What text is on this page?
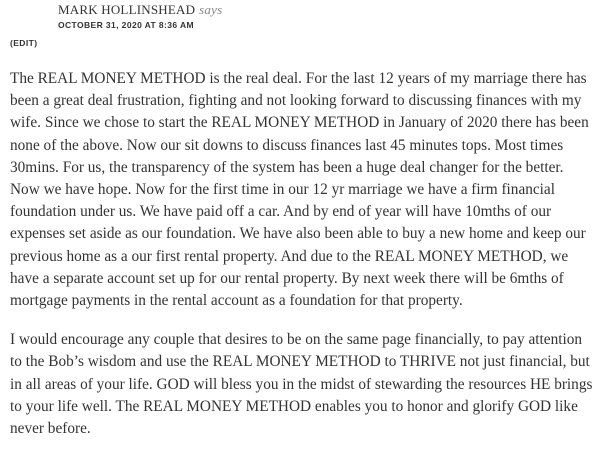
MARK HOLLINSHEAD says
OCTOBER 31, 2020 AT 8:36 AM
(EDIT)

The REAL MONEY METHOD is the real deal. For the last 12 years of my marriage there has been a great deal frustration, fighting and not looking forward to discussing finances with my wife. Since we chose to start the REAL MONEY METHOD in January of 2020 there has been none of the above. Now our sit downs to discuss finances last 45 minutes tops. Most times 30mins. For us, the transparency of the system has been a huge deal changer for the better. Now we have hope. Now for the first time in our 12 yr marriage we have a firm financial foundation under us. We have paid off a car. And by end of year will have 10mths of our expenses set aside as our foundation. We have also been able to buy a new home and keep our previous home as a our first rental property. And due to the REAL MONEY METHOD, we have a separate account set up for our rental property. By next week there will be 6mths of mortgage payments in the rental account as a foundation for that property.

I would encourage any couple that desires to be on the same page financially, to pay attention to the Bob’s wisdom and use the REAL MONEY METHOD to THRIVE not just financial, but in all areas of your life. GOD will bless you in the midst of stewarding the resources HE brings to your life well. The REAL MONEY METHOD enables you to honor and glorify GOD like never before.
